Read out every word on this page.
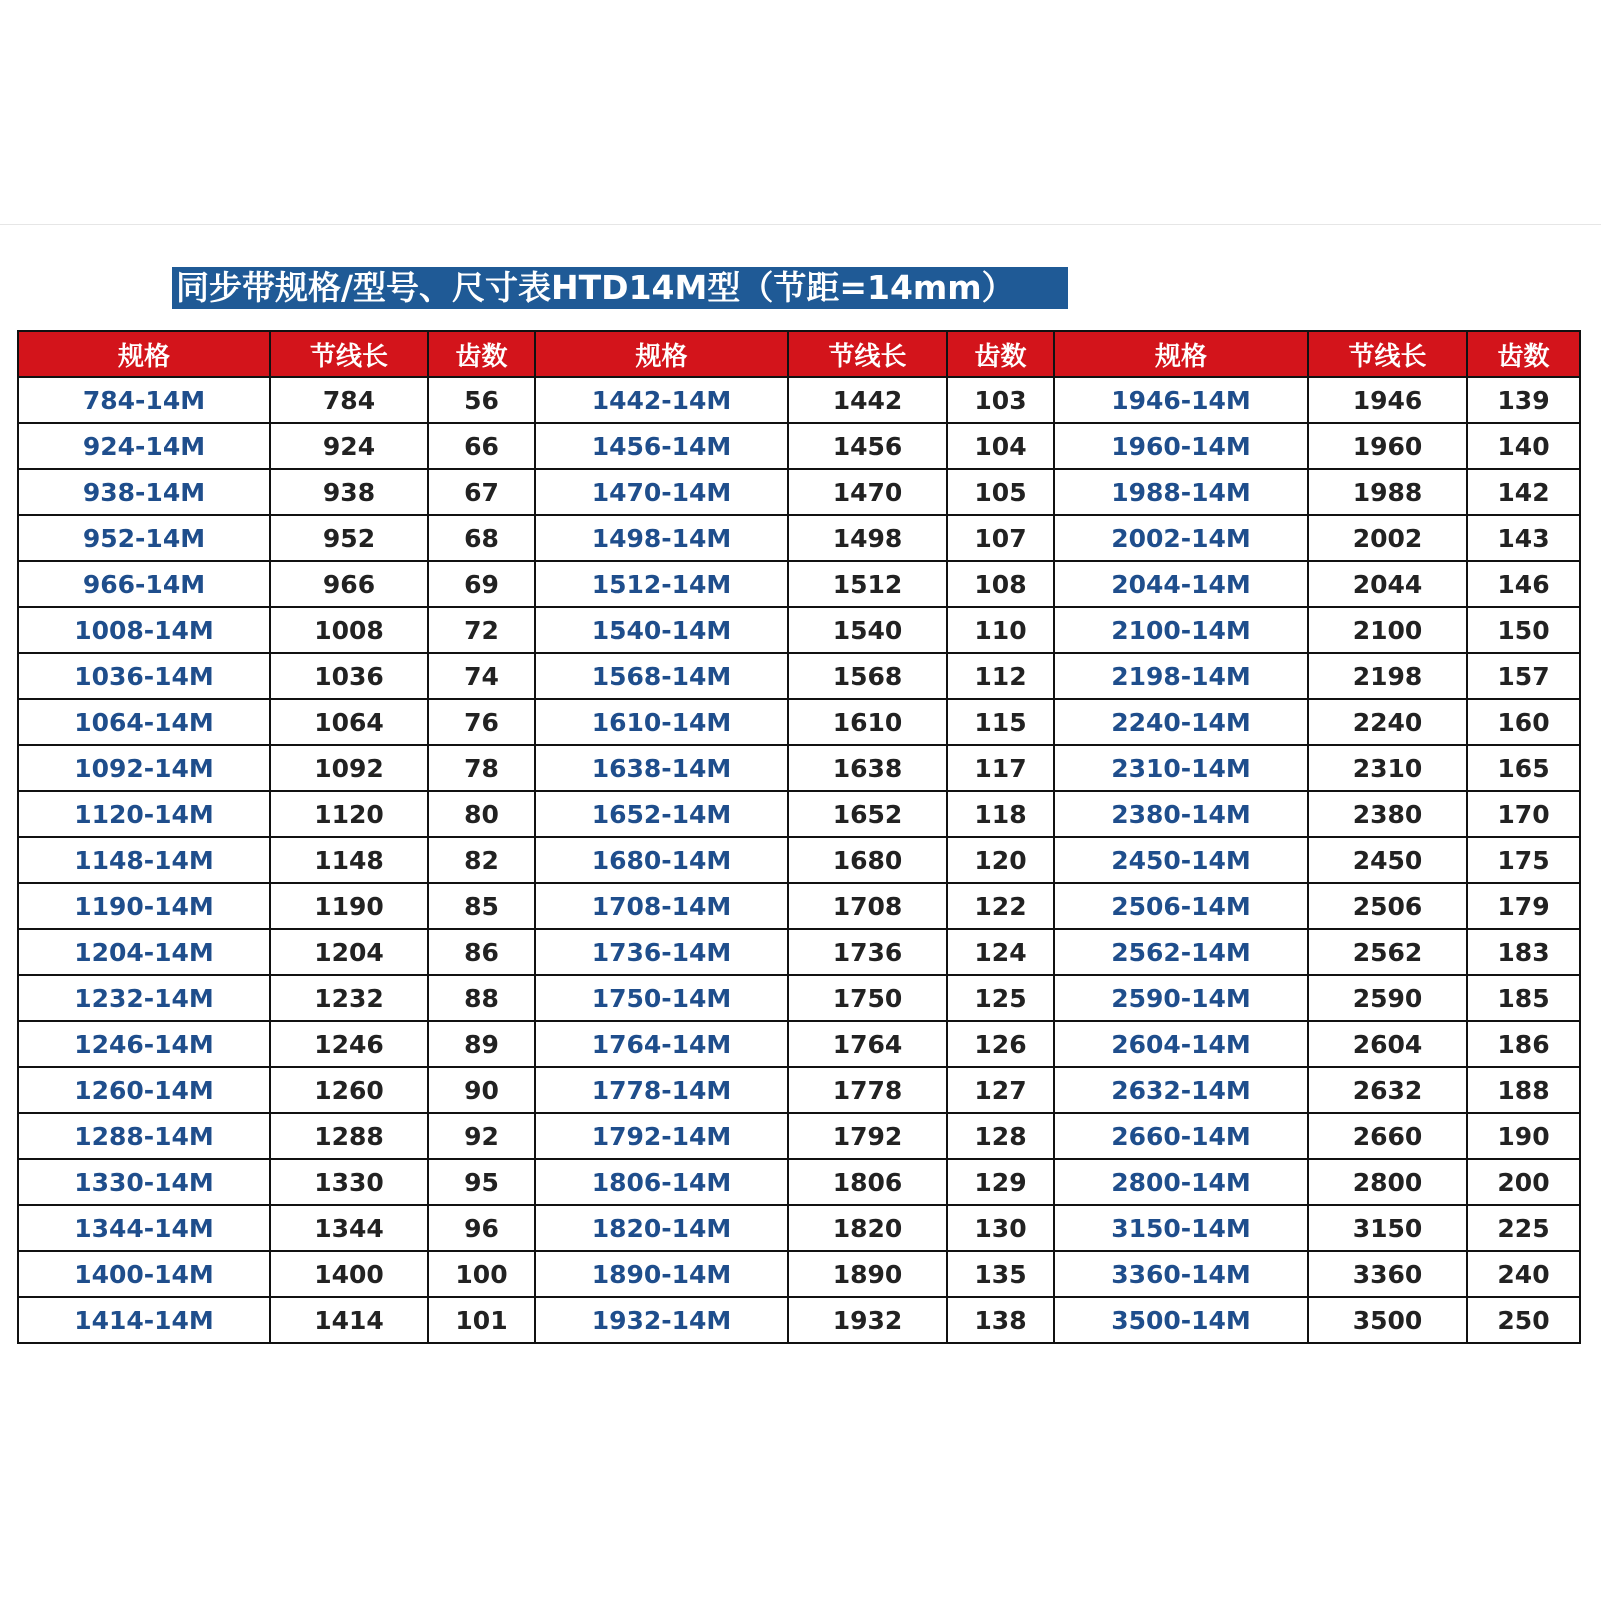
同步带规格/型号、尺寸表HTD14M型（节距=14mm）
规格	节线长	齿数	规格	节线长	齿数	规格	节线长	齿数
784-14M	784	56	1442-14M	1442	103	1946-14M	1946	139
924-14M	924	66	1456-14M	1456	104	1960-14M	1960	140
938-14M	938	67	1470-14M	1470	105	1988-14M	1988	142
952-14M	952	68	1498-14M	1498	107	2002-14M	2002	143
966-14M	966	69	1512-14M	1512	108	2044-14M	2044	146
1008-14M	1008	72	1540-14M	1540	110	2100-14M	2100	150
1036-14M	1036	74	1568-14M	1568	112	2198-14M	2198	157
1064-14M	1064	76	1610-14M	1610	115	2240-14M	2240	160
1092-14M	1092	78	1638-14M	1638	117	2310-14M	2310	165
1120-14M	1120	80	1652-14M	1652	118	2380-14M	2380	170
1148-14M	1148	82	1680-14M	1680	120	2450-14M	2450	175
1190-14M	1190	85	1708-14M	1708	122	2506-14M	2506	179
1204-14M	1204	86	1736-14M	1736	124	2562-14M	2562	183
1232-14M	1232	88	1750-14M	1750	125	2590-14M	2590	185
1246-14M	1246	89	1764-14M	1764	126	2604-14M	2604	186
1260-14M	1260	90	1778-14M	1778	127	2632-14M	2632	188
1288-14M	1288	92	1792-14M	1792	128	2660-14M	2660	190
1330-14M	1330	95	1806-14M	1806	129	2800-14M	2800	200
1344-14M	1344	96	1820-14M	1820	130	3150-14M	3150	225
1400-14M	1400	100	1890-14M	1890	135	3360-14M	3360	240
1414-14M	1414	101	1932-14M	1932	138	3500-14M	3500	250
